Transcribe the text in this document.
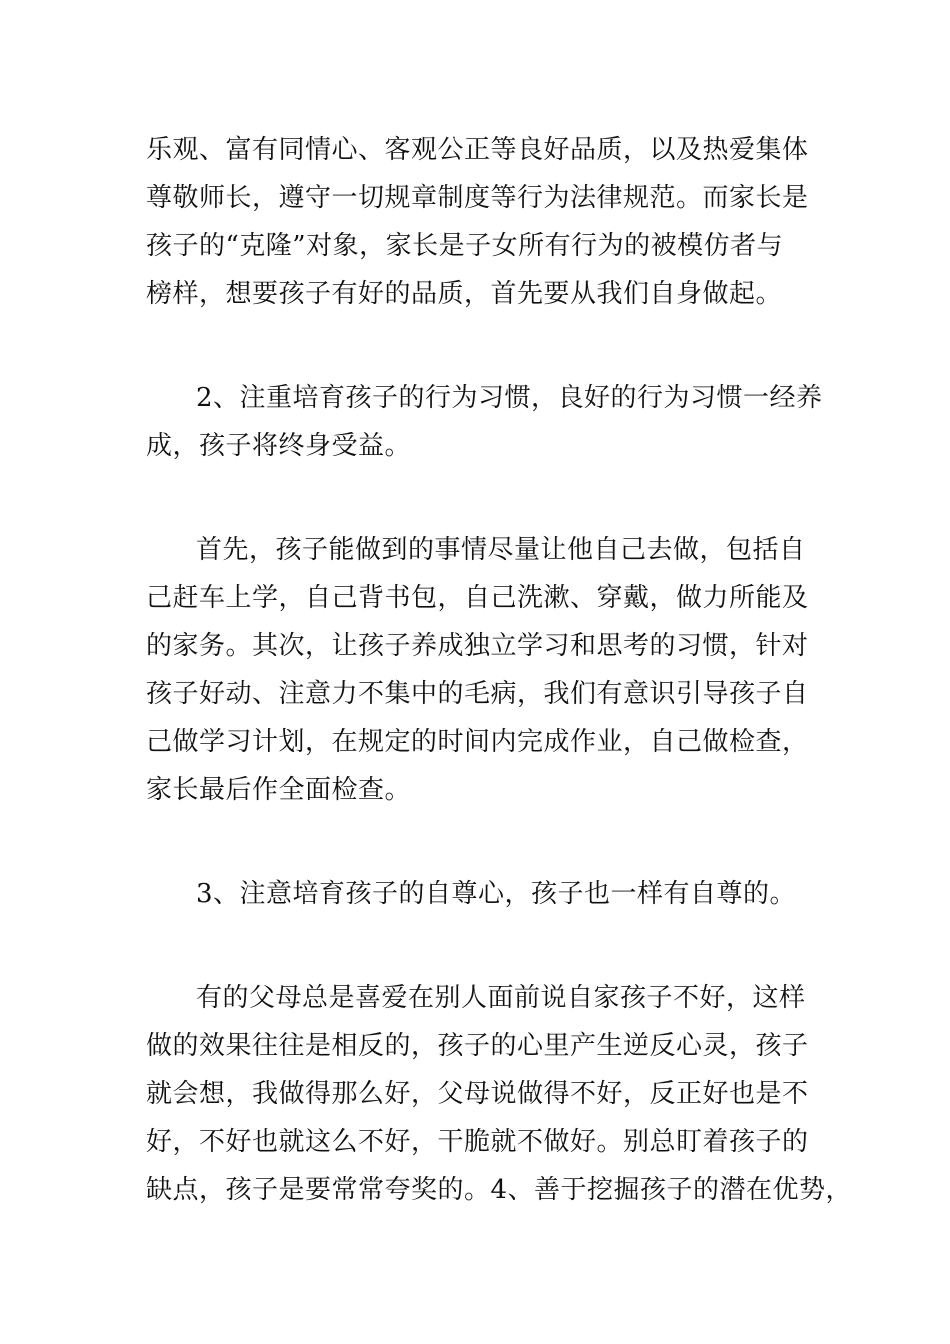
乐观、富有同情心、客观公正等良好品质，以及热爱集体
尊敬师长，遵守一切规章制度等行为法律规范。而家长是
孩子的“克隆”对象，家长是子女所有行为的被模仿者与
榜样，想要孩子有好的品质，首先要从我们自身做起。
2、注重培育孩子的行为习惯，良好的行为习惯一经养
成，孩子将终身受益。
首先，孩子能做到的事情尽量让他自己去做，包括自
己赶车上学，自己背书包，自己洗漱、穿戴，做力所能及
的家务。其次，让孩子养成独立学习和思考的习惯，针对
孩子好动、注意力不集中的毛病，我们有意识引导孩子自
己做学习计划，在规定的时间内完成作业，自己做检查，
家长最后作全面检查。
3、注意培育孩子的自尊心，孩子也一样有自尊的。
有的父母总是喜爱在别人面前说自家孩子不好，这样
做的效果往往是相反的，孩子的心里产生逆反心灵，孩子
就会想，我做得那么好，父母说做得不好，反正好也是不
好，不好也就这么不好，干脆就不做好。别总盯着孩子的
缺点，孩子是要常常夸奖的。4、善于挖掘孩子的潜在优势，
